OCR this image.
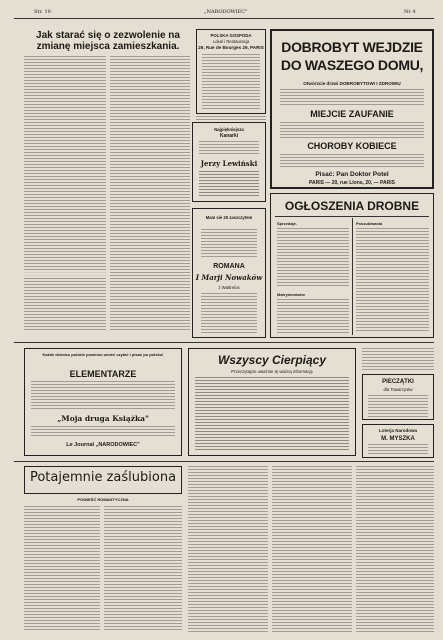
Str. 10	„NARODOWIEC"	Nr 4
Jak starać się o zezwolenie na
zmianę miejsca zamieszkania.
POLSKA GOSPODA
Lokal i Restauracja
29, Rue de Bourges 29, PARIS
Najpiękniejsza
Kanarki
Jerzy Lewiński
Mam sie 25 zaszczytem
ROMANA
I Marji Nowaków
z Wattrelos
DOBROBYT WEJDZIE
DO WASZEGO DOMU,
Otwórzcie drzwi DOBROBYTOWI I ZDROWIU
MIEJCIE ZAUFANIE
CHOROBY KOBIECE
Pisać: Pan Doktor Potel
PARIS — 20, rue Lions, 20, — PARIS
OGŁOSZENIA DROBNE
Sprzedaje.
Matrymonialne
Poszukiwania
Każde dziecko polskie powinno umieć czytać i pisać po polsku!
ELEMENTARZE
„Moja druga Książka"
Le Journal „NARODOWIEC"
Wszyscy Cierpiący
Przeczytajcie uważnie tę ważną informację
PIECZĄTKI
dla Towarzystw
Loterja Narodowa
M. MYSZKA
Potajemnie zaślubiona
POWIEŚĆ ROMANTYCZNA
